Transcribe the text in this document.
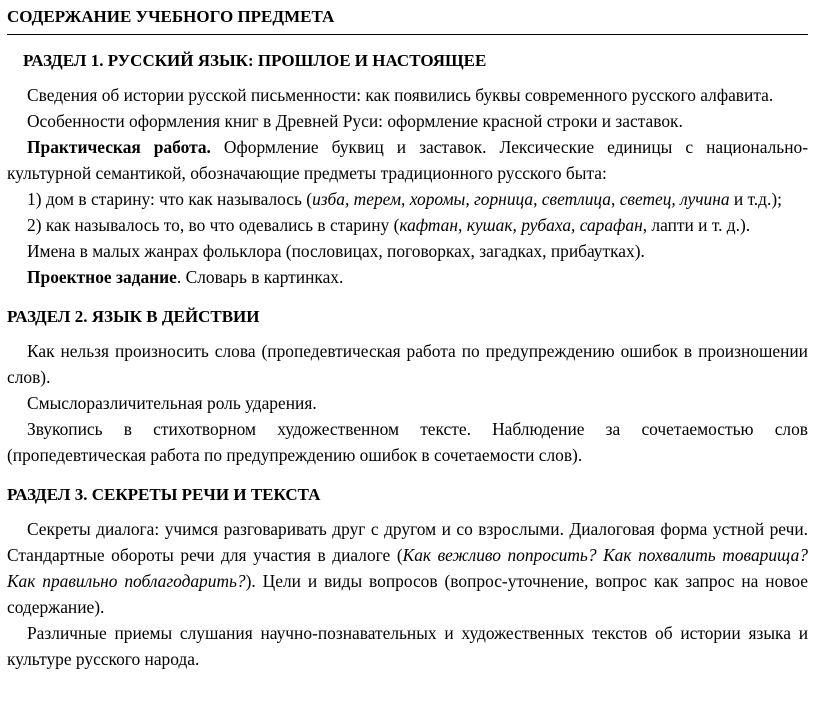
СОДЕРЖАНИЕ УЧЕБНОГО ПРЕДМЕТА
РАЗДЕЛ 1. РУССКИЙ ЯЗЫК: ПРОШЛОЕ И НАСТОЯЩЕЕ

Сведения об истории русской письменности: как появились буквы современного русского алфавита.

Особенности оформления книг в Древней Руси: оформление красной строки и заставок.

Практическая работа. Оформление буквиц и заставок. Лексические единицы с национально-культурной семантикой, обозначающие предметы традиционного русского быта:

1) дом в старину: что как называлось (изба, терем, хоромы, горница, светлица, светец, лучина и т.д.);

2) как называлось то, во что одевались в старину (кафтан, кушак, рубаха, сарафан, лапти и т. д.).

Имена в малых жанрах фольклора (пословицах, поговорках, загадках, прибаутках).

Проектное задание. Словарь в картинках.

РАЗДЕЛ 2. ЯЗЫК В ДЕЙСТВИИ

Как нельзя произносить слова (пропедевтическая работа по предупреждению ошибок в произношении слов).

Смыслоразличительная роль ударения.

Звукопись в стихотворном художественном тексте. Наблюдение за сочетаемостью слов (пропедевтическая работа по предупреждению ошибок в сочетаемости слов).

РАЗДЕЛ 3. СЕКРЕТЫ РЕЧИ И ТЕКСТА

Секреты диалога: учимся разговаривать друг с другом и со взрослыми. Диалоговая форма устной речи. Стандартные обороты речи для участия в диалоге (Как вежливо попросить? Как похвалить товарища? Как правильно поблагодарить?). Цели и виды вопросов (вопрос-уточнение, вопрос как запрос на новое содержание).

Различные приемы слушания научно-познавательных и художественных текстов об истории языка и культуре русского народа.
